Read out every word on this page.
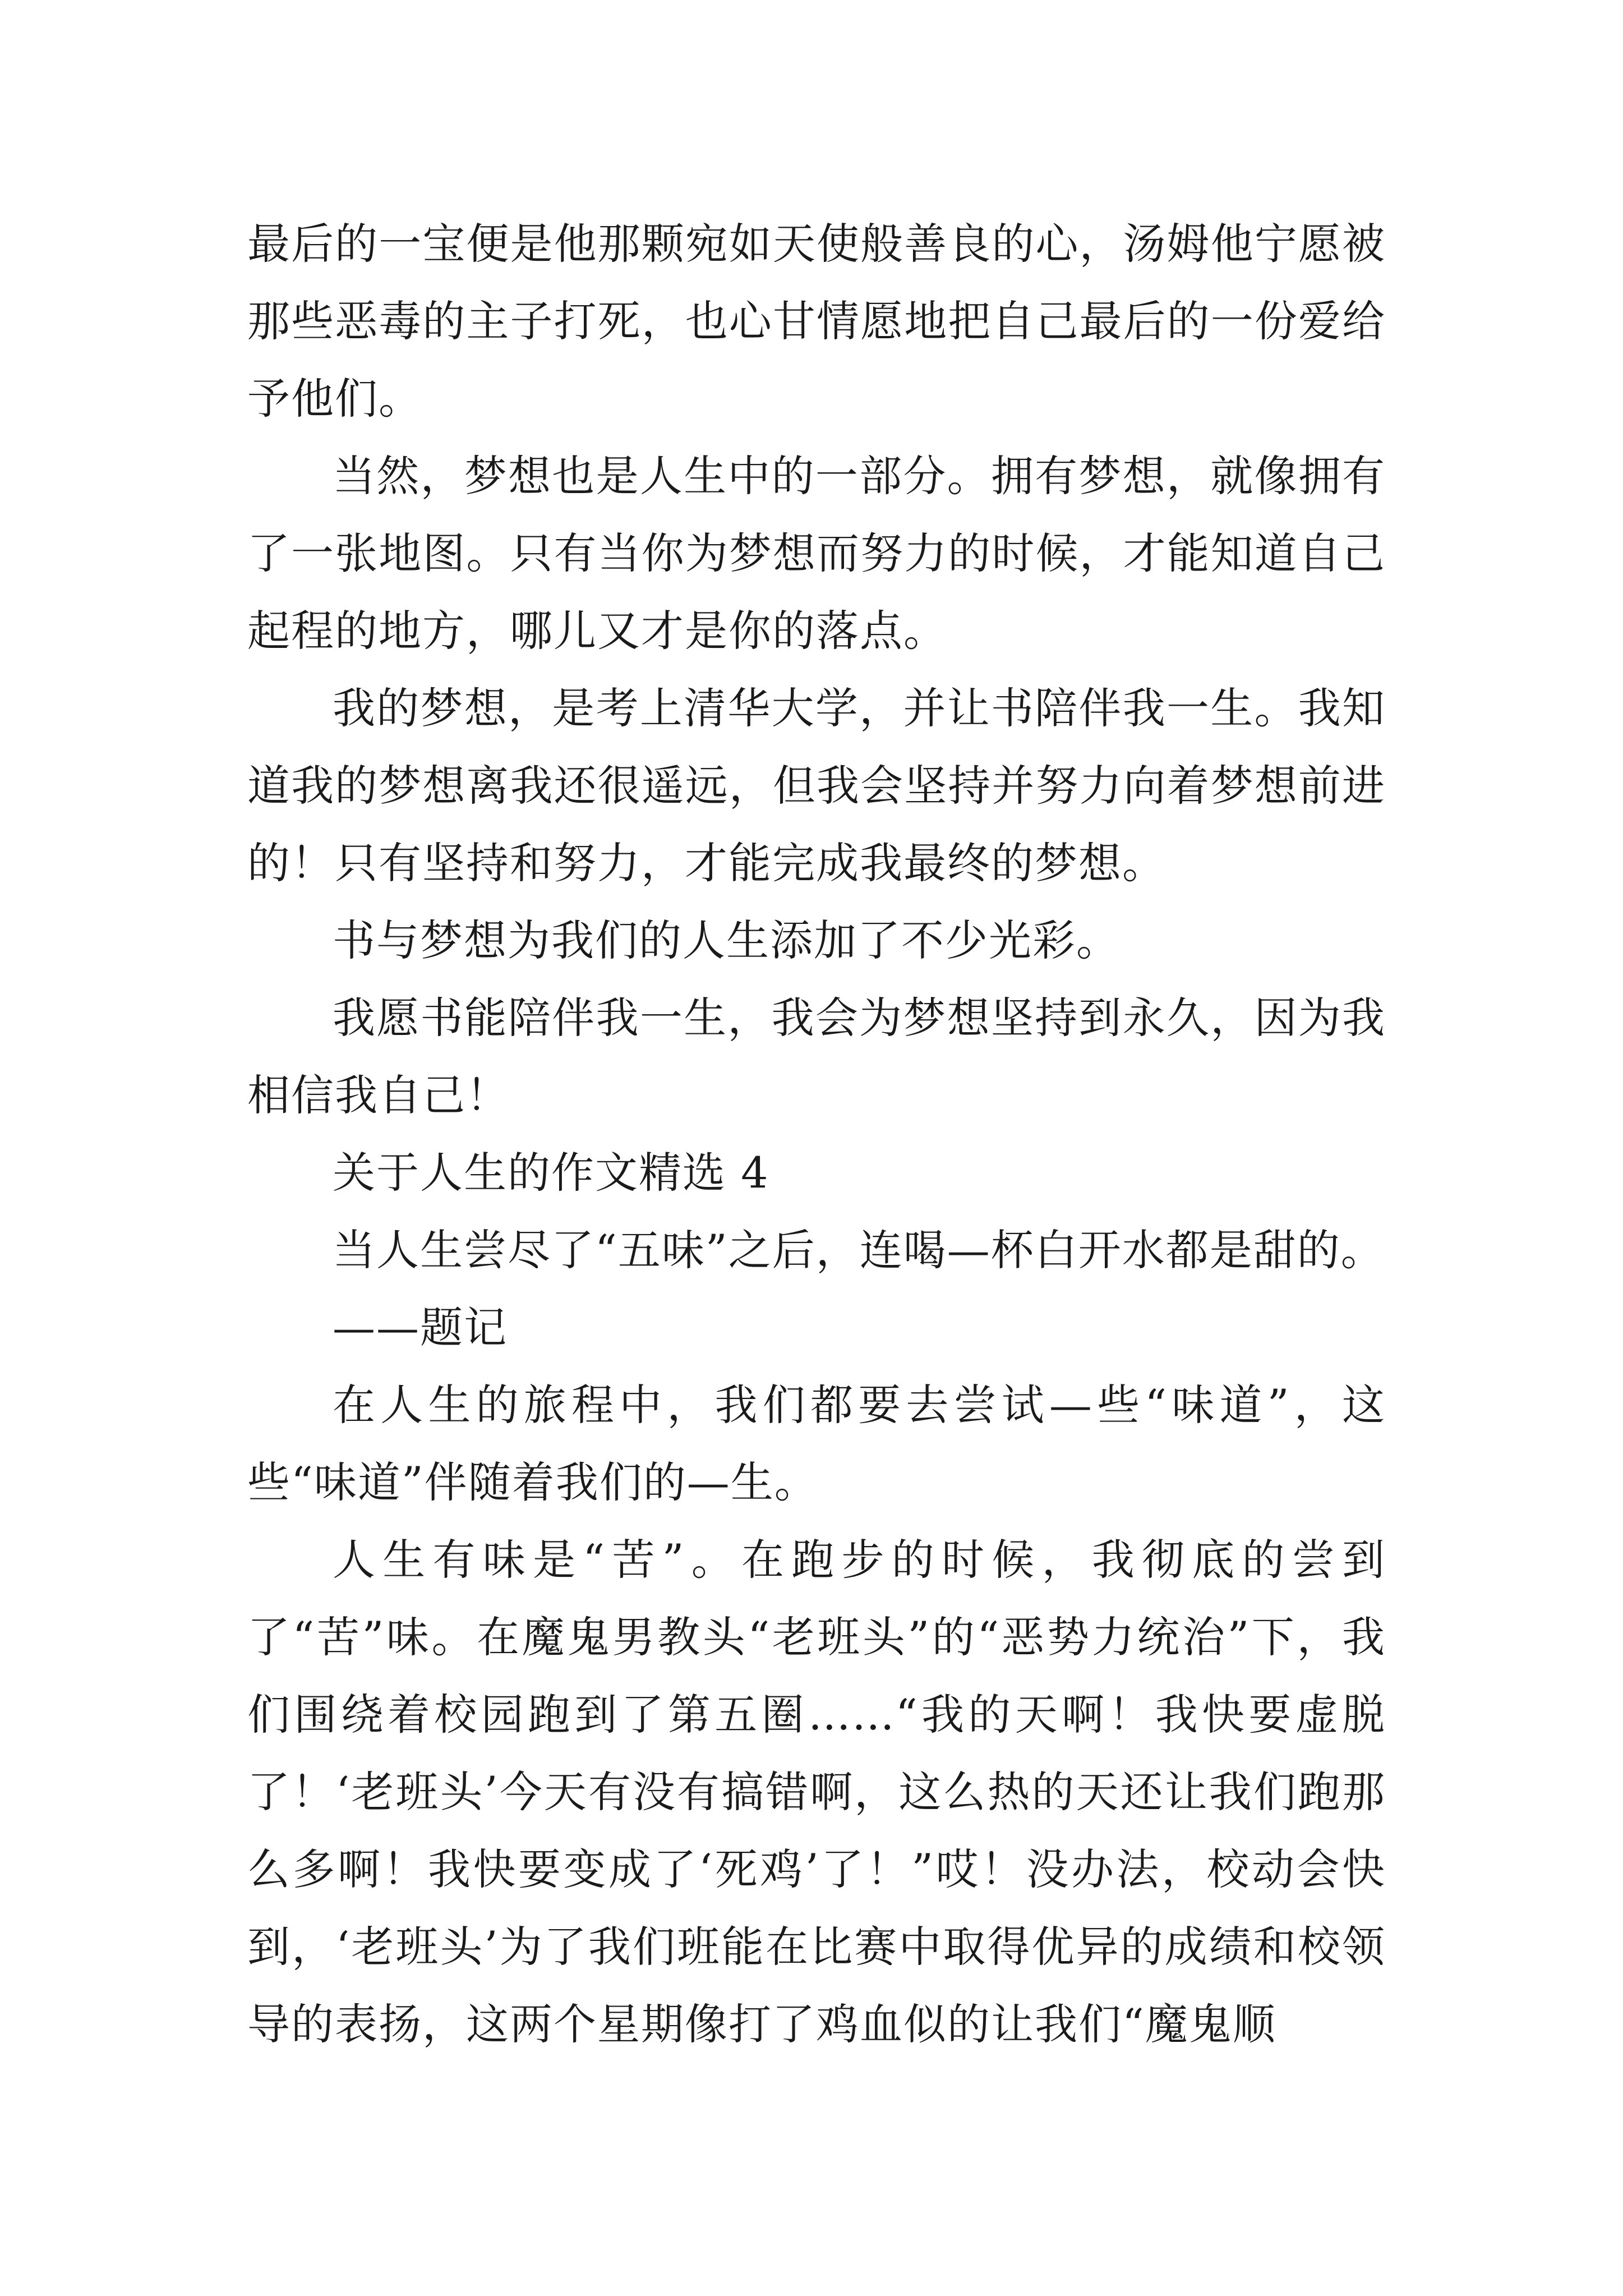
最后的一宝便是他那颗宛如天使般善良的心，汤姆他宁愿被那些恶毒的主子打死，也心甘情愿地把自己最后的一份爱给予他们。

当然，梦想也是人生中的一部分。拥有梦想，就像拥有了一张地图。只有当你为梦想而努力的时候，才能知道自己起程的地方，哪儿又才是你的落点。

我的梦想，是考上清华大学，并让书陪伴我一生。我知道我的梦想离我还很遥远，但我会坚持并努力向着梦想前进的！只有坚持和努力，才能完成我最终的梦想。

书与梦想为我们的人生添加了不少光彩。

我愿书能陪伴我一生，我会为梦想坚持到永久，因为我相信我自己！

关于人生的作文精选 4

当人生尝尽了“五味”之后，连喝—杯白开水都是甜的。

——题记

在人生的旅程中，我们都要去尝试—些“味道”，这些“味道”伴随着我们的—生。

人生有味是“苦”。在跑步的时候，我彻底的尝到了“苦”味。在魔鬼男教头“老班头”的“恶势力统治”下，我们围绕着校园跑到了第五圈……“我的天啊！我快要虚脱了！‘老班头’今天有没有搞错啊，这么热的天还让我们跑那么多啊！我快要变成了‘死鸡’了！”哎！没办法，校动会快到，‘老班头’为了我们班能在比赛中取得优异的成绩和校领导的表扬，这两个星期像打了鸡血似的让我们“魔鬼顺
